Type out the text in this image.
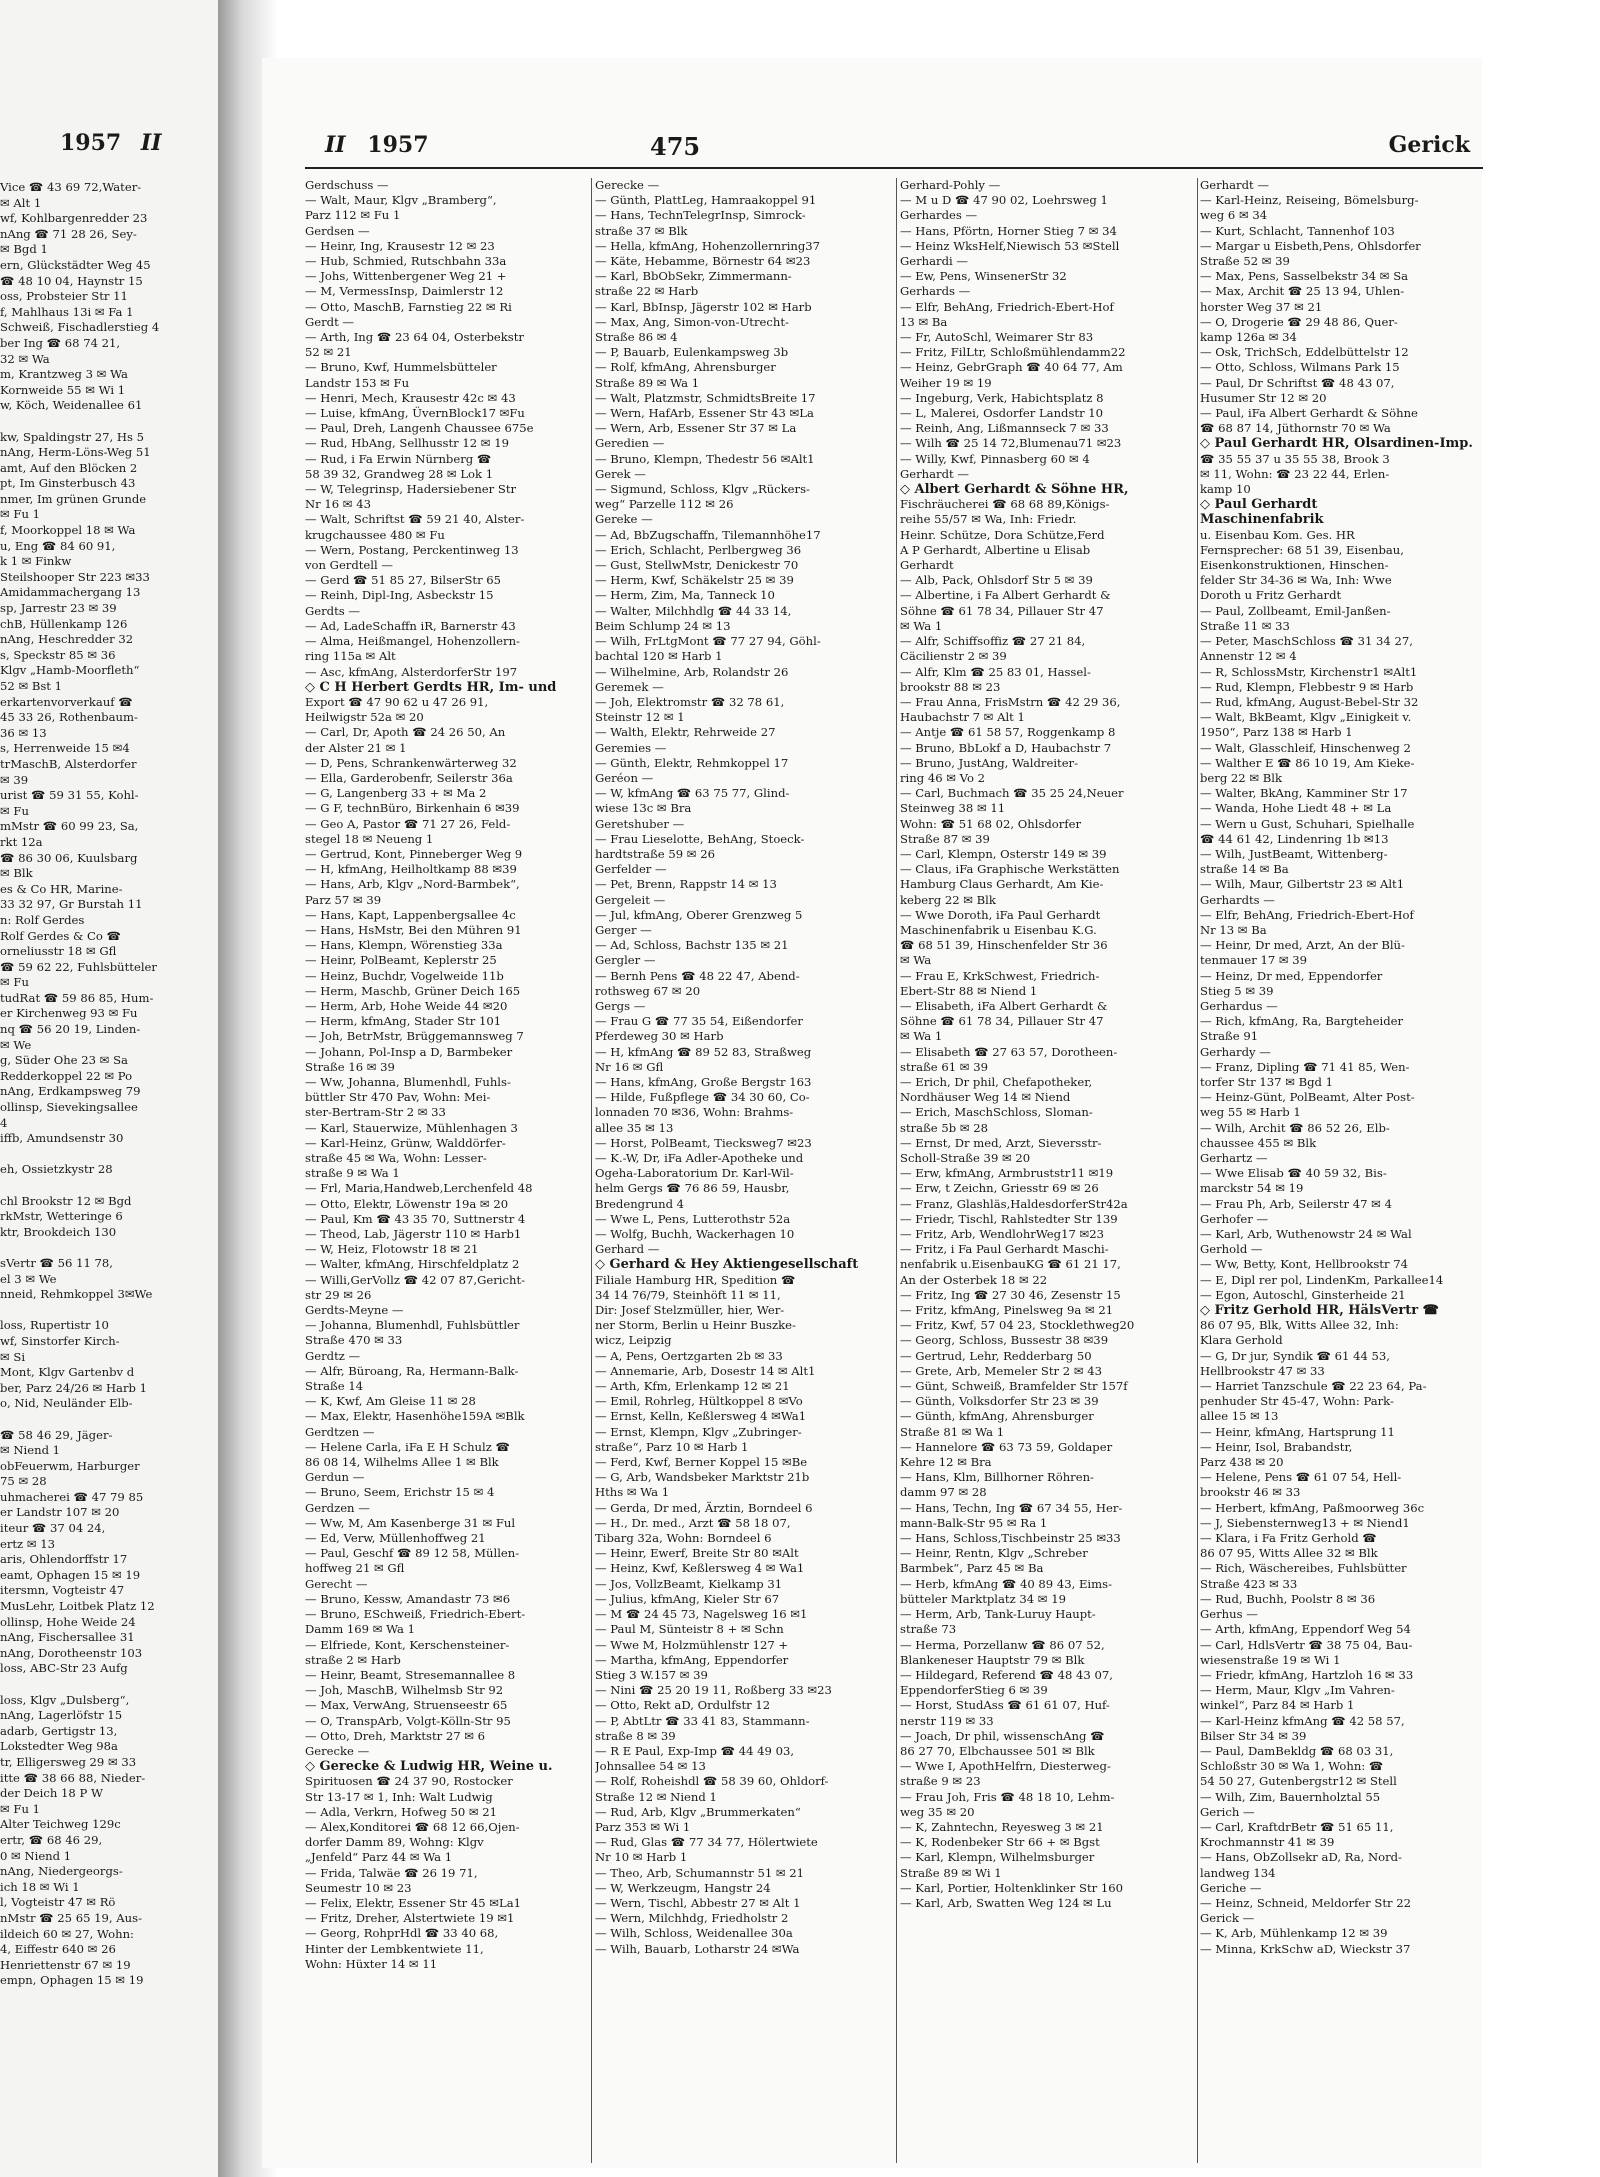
1957 II
Vice ☎ 43 69 72,Water-
✉ Alt 1
wf, Kohlbargenredder 23
nAng ☎ 71 28 26, Sey-
✉ Bgd 1
ern, Glückstädter Weg 45
☎ 48 10 04, Haynstr 15
oss, Probsteier Str 11
f, Mahlhaus 13i ✉ Fa 1
Schweiß, Fischadlerstieg 4
ber Ing ☎ 68 74 21,
32 ✉ Wa
m, Krantzweg 3 ✉ Wa
Kornweide 55 ✉ Wi 1
w, Köch, Weidenallee 61

kw, Spaldingstr 27, Hs 5
nAng, Herm-Löns-Weg 51
amt, Auf den Blöcken 2
pt, Im Ginsterbusch 43
nmer, Im grünen Grunde
✉ Fu 1
f, Moorkoppel 18 ✉ Wa
u, Eng ☎ 84 60 91,
k 1 ✉ Finkw
Steilshooper Str 223 ✉33
Amidammachergang 13
sp, Jarrestr 23 ✉ 39
chB, Hüllenkamp 126
nAng, Heschredder 32
s, Speckstr 85 ✉ 36
Klgv „Hamb-Moorfleth“
52 ✉ Bst 1
erkartenvorverkauf ☎
45 33 26, Rothenbaum-
36 ✉ 13
s, Herrenweide 15 ✉4
trMaschB, Alsterdorfer
✉ 39
urist ☎ 59 31 55, Kohl-
✉ Fu
mMstr ☎ 60 99 23, Sa,
rkt 12a
☎ 86 30 06, Kuulsbarg
✉ Blk
es & Co HR, Marine-
33 32 97, Gr Burstah 11
n: Rolf Gerdes
Rolf Gerdes & Co ☎
orneliusstr 18 ✉ Gfl
☎ 59 62 22, Fuhlsbütteler
✉ Fu
tudRat ☎ 59 86 85, Hum-
er Kirchenweg 93 ✉ Fu
nq ☎ 56 20 19, Linden-
✉ We
g, Süder Ohe 23 ✉ Sa
Redderkoppel 22 ✉ Po
nAng, Erdkampsweg 79
ollinsp, Sievekingsallee
4
iffb, Amundsenstr 30

eh, Ossietzkystr 28

chl Brookstr 12 ✉ Bgd
rkMstr, Wetteringe 6
ktr, Brookdeich 130

sVertr ☎ 56 11 78,
el 3 ✉ We
nneid, Rehmkoppel 3✉We

loss, Rupertistr 10
wf, Sinstorfer Kirch-
✉ Si
Mont, Klgv Gartenbv d
ber, Parz 24/26 ✉ Harb 1
o, Nid, Neuländer Elb-

☎ 58 46 29, Jäger-
✉ Niend 1
obFeuerwm, Harburger
75 ✉ 28
uhmacherei ☎ 47 79 85
er Landstr 107 ✉ 20
iteur ☎ 37 04 24,
ertz ✉ 13
aris, Ohlendorffstr 17
eamt, Ophagen 15 ✉ 19
itersmn, Vogteistr 47
MusLehr, Loitbek Platz 12
ollinsp, Hohe Weide 24
nAng, Fischersallee 31
nAng, Dorotheenstr 103
loss, ABC-Str 23 Aufg

loss, Klgv „Dulsberg“,
nAng, Lagerlöfstr 15
adarb, Gertigstr 13,
Lokstedter Weg 98a
tr, Elligersweg 29 ✉ 33
itte ☎ 38 66 88, Nieder-
der Deich 18 P W
✉ Fu 1
Alter Teichweg 129c
ertr, ☎ 68 46 29,
0 ✉ Niend 1
nAng, Niedergeorgs-
ich 18 ✉ Wi 1
l, Vogteistr 47 ✉ Rö
nMstr ☎ 25 65 19, Aus-
ildeich 60 ✉ 27, Wohn:
4, Eiffestr 640 ✉ 26
Henriettenstr 67 ✉ 19
empn, Ophagen 15 ✉ 19
II 1957	475	Gerick
Gerdschuss —
— Walt, Maur, Klgv „Bramberg“,
Parz 112 ✉ Fu 1
Gerdsen —
— Heinr, Ing, Krausestr 12 ✉ 23
— Hub, Schmied, Rutschbahn 33a
— Johs, Wittenbergener Weg 21 +
— M, VermessInsp, Daimlerstr 12
— Otto, MaschB, Farnstieg 22 ✉ Ri
Gerdt —
— Arth, Ing ☎ 23 64 04, Osterbekstr
52 ✉ 21
— Bruno, Kwf, Hummelsbütteler
Landstr 153 ✉ Fu
— Henri, Mech, Krausestr 42c ✉ 43
— Luise, kfmAng, ÜvernBlock17 ✉Fu
— Paul, Dreh, Langenh Chaussee 675e
— Rud, HbAng, Sellhusstr 12 ✉ 19
— Rud, i Fa Erwin Nürnberg ☎
58 39 32, Grandweg 28 ✉ Lok 1
— W, Telegrinsp, Hadersiebener Str
Nr 16 ✉ 43
— Walt, Schriftst ☎ 59 21 40, Alster-
krugchaussee 480 ✉ Fu
— Wern, Postang, Perckentinweg 13
von Gerdtell —
— Gerd ☎ 51 85 27, BilserStr 65
— Reinh, Dipl-Ing, Asbeckstr 15
Gerdts —
— Ad, LadeSchaffn iR, Barnerstr 43
— Alma, Heißmangel, Hohenzollern-
ring 115a ✉ Alt
— Asc, kfmAng, AlsterdorferStr 197
◇ C H Herbert Gerdts HR, Im- und
Export ☎ 47 90 62 u 47 26 91,
Heilwigstr 52a ✉ 20
— Carl, Dr, Apoth ☎ 24 26 50, An
der Alster 21 ✉ 1
— D, Pens, Schrankenwärterweg 32
— Ella, Garderobenfr, Seilerstr 36a
— G, Langenberg 33 + ✉ Ma 2
— G F, technBüro, Birkenhain 6 ✉39
— Geo A, Pastor ☎ 71 27 26, Feld-
stegel 18 ✉ Neueng 1
— Gertrud, Kont, Pinneberger Weg 9
— H, kfmAng, Heilholtkamp 88 ✉39
— Hans, Arb, Klgv „Nord-Barmbek“,
Parz 57 ✉ 39
— Hans, Kapt, Lappenbergsallee 4c
— Hans, HsMstr, Bei den Mühren 91
— Hans, Klempn, Wörenstieg 33a
— Heinr, PolBeamt, Keplerstr 25
— Heinz, Buchdr, Vogelweide 11b
— Herm, Maschb, Grüner Deich 165
— Herm, Arb, Hohe Weide 44 ✉20
— Herm, kfmAng, Stader Str 101
— Joh, BetrMstr, Brüggemannsweg 7
— Johann, Pol-Insp a D, Barmbeker
Straße 16 ✉ 39
— Ww, Johanna, Blumenhdl, Fuhls-
büttler Str 470 Pav, Wohn: Mei-
ster-Bertram-Str 2 ✉ 33
— Karl, Stauerwize, Mühlenhagen 3
— Karl-Heinz, Grünw, Walddörfer-
straße 45 ✉ Wa, Wohn: Lesser-
straße 9 ✉ Wa 1
— Frl, Maria,Handweb,Lerchenfeld 48
— Otto, Elektr, Löwenstr 19a ✉ 20
— Paul, Km ☎ 43 35 70, Suttnerstr 4
— Theod, Lab, Jägerstr 110 ✉ Harb1
— W, Heiz, Flotowstr 18 ✉ 21
— Walter, kfmAng, Hirschfeldplatz 2
— Willi,GerVollz ☎ 42 07 87,Gericht-
str 29 ✉ 26
Gerdts-Meyne —
— Johanna, Blumenhdl, Fuhlsbüttler
Straße 470 ✉ 33
Gerdtz —
— Alfr, Büroang, Ra, Hermann-Balk-
Straße 14
— K, Kwf, Am Gleise 11 ✉ 28
— Max, Elektr, Hasenhöhe159A ✉Blk
Gerdtzen —
— Helene Carla, iFa E H Schulz ☎
86 08 14, Wilhelms Allee 1 ✉ Blk
Gerdun —
— Bruno, Seem, Erichstr 15 ✉ 4
Gerdzen —
— Ww, M, Am Kasenberge 31 ✉ Ful
— Ed, Verw, Müllenhoffweg 21
— Paul, Geschf ☎ 89 12 58, Müllen-
hoffweg 21 ✉ Gfl
Gerecht —
— Bruno, Kessw, Amandastr 73 ✉6
— Bruno, ESchweiß, Friedrich-Ebert-
Damm 169 ✉ Wa 1
— Elfriede, Kont, Kerschensteiner-
straße 2 ✉ Harb
— Heinr, Beamt, Stresemannallee 8
— Joh, MaschB, Wilhelmsb Str 92
— Max, VerwAng, Struenseestr 65
— O, TranspArb, Volgt-Kölln-Str 95
— Otto, Dreh, Marktstr 27 ✉ 6
Gerecke —
◇ Gerecke & Ludwig HR, Weine u.
Spirituosen ☎ 24 37 90, Rostocker
Str 13-17 ✉ 1, Inh: Walt Ludwig
— Adla, Verkrn, Hofweg 50 ✉ 21
— Alex,Konditorei ☎ 68 12 66,Ojen-
dorfer Damm 89, Wohng: Klgv
„Jenfeld“ Parz 44 ✉ Wa 1
— Frida, Talwäe ☎ 26 19 71,
Seumestr 10 ✉ 23
— Felix, Elektr, Essener Str 45 ✉La1
— Fritz, Dreher, Alstertwiete 19 ✉1
— Georg, RohprHdl ☎ 33 40 68,
Hinter der Lembkentwiete 11,
Wohn: Hüxter 14 ✉ 11
Gerecke —
— Günth, PlattLeg, Hamraakoppel 91
— Hans, TechnTelegrInsp, Simrock-
straße 37 ✉ Blk
— Hella, kfmAng, Hohenzollernring37
— Käte, Hebamme, Börnestr 64 ✉23
— Karl, BbObSekr, Zimmermann-
straße 22 ✉ Harb
— Karl, BbInsp, Jägerstr 102 ✉ Harb
— Max, Ang, Simon-von-Utrecht-
Straße 86 ✉ 4
— P, Bauarb, Eulenkampsweg 3b
— Rolf, kfmAng, Ahrensburger
Straße 89 ✉ Wa 1
— Walt, Platzmstr, SchmidtsBreite 17
— Wern, HafArb, Essener Str 43 ✉La
— Wern, Arb, Essener Str 37 ✉ La
Geredien —
— Bruno, Klempn, Thedestr 56 ✉Alt1
Gerek —
— Sigmund, Schloss, Klgv „Rückers-
weg“ Parzelle 112 ✉ 26
Gereke —
— Ad, BbZugschaffn, Tilemannhöhe17
— Erich, Schlacht, Perlbergweg 36
— Gust, StellwMstr, Denickestr 70
— Herm, Kwf, Schäkelstr 25 ✉ 39
— Herm, Zim, Ma, Tanneck 10
— Walter, Milchhdlg ☎ 44 33 14,
Beim Schlump 24 ✉ 13
— Wilh, FrLtgMont ☎ 77 27 94, Göhl-
bachtal 120 ✉ Harb 1
— Wilhelmine, Arb, Rolandstr 26
Geremek —
— Joh, Elektromstr ☎ 32 78 61,
Steinstr 12 ✉ 1
— Walth, Elektr, Rehrweide 27
Geremies —
— Günth, Elektr, Rehmkoppel 17
Geréon —
— W, kfmAng ☎ 63 75 77, Glind-
wiese 13c ✉ Bra
Geretshuber —
— Frau Lieselotte, BehAng, Stoeck-
hardtstraße 59 ✉ 26
Gerfelder —
— Pet, Brenn, Rappstr 14 ✉ 13
Gergeleit —
— Jul, kfmAng, Oberer Grenzweg 5
Gerger —
— Ad, Schloss, Bachstr 135 ✉ 21
Gergler —
— Bernh Pens ☎ 48 22 47, Abend-
rothsweg 67 ✉ 20
Gergs —
— Frau G ☎ 77 35 54, Eißendorfer
Pferdeweg 30 ✉ Harb
— H, kfmAng ☎ 89 52 83, Straßweg
Nr 16 ✉ Gfl
— Hans, kfmAng, Große Bergstr 163
— Hilde, Fußpflege ☎ 34 30 60, Co-
lonnaden 70 ✉36, Wohn: Brahms-
allee 35 ✉ 13
— Horst, PolBeamt, Tiecksweg7 ✉23
— K.-W, Dr, iFa Adler-Apotheke und
Ogeha-Laboratorium Dr. Karl-Wil-
helm Gergs ☎ 76 86 59, Hausbr,
Bredengrund 4
— Wwe L, Pens, Lutterothstr 52a
— Wolfg, Buchh, Wackerhagen 10
Gerhard —
◇ Gerhard & Hey Aktiengesellschaft
Filiale Hamburg HR, Spedition ☎
34 14 76/79, Steinhöft 11 ✉ 11,
Dir: Josef Stelzmüller, hier, Wer-
ner Storm, Berlin u Heinr Buszke-
wicz, Leipzig
— A, Pens, Oertzgarten 2b ✉ 33
— Annemarie, Arb, Dosestr 14 ✉ Alt1
— Arth, Kfm, Erlenkamp 12 ✉ 21
— Emil, Rohrleg, Hültkoppel 8 ✉Vo
— Ernst, Kelln, Keßlersweg 4 ✉Wa1
— Ernst, Klempn, Klgv „Zubringer-
straße“, Parz 10 ✉ Harb 1
— Ferd, Kwf, Berner Koppel 15 ✉Be
— G, Arb, Wandsbeker Marktstr 21b
Hths ✉ Wa 1
— Gerda, Dr med, Ärztin, Borndeel 6
— H., Dr. med., Arzt ☎ 58 18 07,
Tibarg 32a, Wohn: Borndeel 6
— Heinr, Ewerf, Breite Str 80 ✉Alt
— Heinz, Kwf, Keßlersweg 4 ✉ Wa1
— Jos, VollzBeamt, Kielkamp 31
— Julius, kfmAng, Kieler Str 67
— M ☎ 24 45 73, Nagelsweg 16 ✉1
— Paul M, Sünteistr 8 + ✉ Schn
— Wwe M, Holzmühlenstr 127 +
— Martha, kfmAng, Eppendorfer
Stieg 3 W.157 ✉ 39
— Nini ☎ 25 20 19 11, Roßberg 33 ✉23
— Otto, Rekt aD, Ordulfstr 12
— P, AbtLtr ☎ 33 41 83, Stammann-
straße 8 ✉ 39
— R E Paul, Exp-Imp ☎ 44 49 03,
Johnsallee 54 ✉ 13
— Rolf, Roheishdl ☎ 58 39 60, Ohldorf-
Straße 12 ✉ Niend 1
— Rud, Arb, Klgv „Brummerkaten“
Parz 353 ✉ Wi 1
— Rud, Glas ☎ 77 34 77, Hölertwiete
Nr 10 ✉ Harb 1
— Theo, Arb, Schumannstr 51 ✉ 21
— W, Werkzeugm, Hangstr 24
— Wern, Tischl, Abbestr 27 ✉ Alt 1
— Wern, Milchhdg, Friedholstr 2
— Wilh, Schloss, Weidenallee 30a
— Wilh, Bauarb, Lotharstr 24 ✉Wa
Gerhard-Pohly —
— M u D ☎ 47 90 02, Loehrsweg 1
Gerhardes —
— Hans, Pförtn, Horner Stieg 7 ✉ 34
— Heinz WksHelf,Niewisch 53 ✉Stell
Gerhardi —
— Ew, Pens, WinsenerStr 32
Gerhards —
— Elfr, BehAng, Friedrich-Ebert-Hof
13 ✉ Ba
— Fr, AutoSchl, Weimarer Str 83
— Fritz, FilLtr, Schloßmühlendamm22
— Heinz, GebrGraph ☎ 40 64 77, Am
Weiher 19 ✉ 19
— Ingeburg, Verk, Habichtsplatz 8
— L, Malerei, Osdorfer Landstr 10
— Reinh, Ang, Lißmannseck 7 ✉ 33
— Wilh ☎ 25 14 72,Blumenau71 ✉23
— Willy, Kwf, Pinnasberg 60 ✉ 4
Gerhardt —
◇ Albert Gerhardt & Söhne HR,
Fischräucherei ☎ 68 68 89,Königs-
reihe 55/57 ✉ Wa, Inh: Friedr.
Heinr. Schütze, Dora Schütze,Ferd
A P Gerhardt, Albertine u Elisab
Gerhardt
— Alb, Pack, Ohlsdorf Str 5 ✉ 39
— Albertine, i Fa Albert Gerhardt &
Söhne ☎ 61 78 34, Pillauer Str 47
✉ Wa 1
— Alfr, Schiffsoffiz ☎ 27 21 84,
Cäcilienstr 2 ✉ 39
— Alfr, Klm ☎ 25 83 01, Hassel-
brookstr 88 ✉ 23
— Frau Anna, FrisMstrn ☎ 42 29 36,
Haubachstr 7 ✉ Alt 1
— Antje ☎ 61 58 57, Roggenkamp 8
— Bruno, BbLokf a D, Haubachstr 7
— Bruno, JustAng, Waldreiter-
ring 46 ✉ Vo 2
— Carl, Buchmach ☎ 35 25 24,Neuer
Steinweg 38 ✉ 11
Wohn: ☎ 51 68 02, Ohlsdorfer
Straße 87 ✉ 39
— Carl, Klempn, Osterstr 149 ✉ 39
— Claus, iFa Graphische Werkstätten
Hamburg Claus Gerhardt, Am Kie-
keberg 22 ✉ Blk
— Wwe Doroth, iFa Paul Gerhardt
Maschinenfabrik u Eisenbau K.G.
☎ 68 51 39, Hinschenfelder Str 36
✉ Wa
— Frau E, KrkSchwest, Friedrich-
Ebert-Str 88 ✉ Niend 1
— Elisabeth, iFa Albert Gerhardt &
Söhne ☎ 61 78 34, Pillauer Str 47
✉ Wa 1
— Elisabeth ☎ 27 63 57, Dorotheen-
straße 61 ✉ 39
— Erich, Dr phil, Chefapotheker,
Nordhäuser Weg 14 ✉ Niend
— Erich, MaschSchloss, Sloman-
straße 5b ✉ 28
— Ernst, Dr med, Arzt, Sieversstr-
Scholl-Straße 39 ✉ 20
— Erw, kfmAng, Armbruststr11 ✉19
— Erw, t Zeichn, Griesstr 69 ✉ 26
— Franz, Glashläs,HaldesdorferStr42a
— Friedr, Tischl, Rahlstedter Str 139
— Fritz, Arb, WendlohrWeg17 ✉23
— Fritz, i Fa Paul Gerhardt Maschi-
nenfabrik u.EisenbauKG ☎ 61 21 17,
An der Osterbek 18 ✉ 22
— Fritz, Ing ☎ 27 30 46, Zesenstr 15
— Fritz, kfmAng, Pinelsweg 9a ✉ 21
— Fritz, Kwf, 57 04 23, Stocklethweg20
— Georg, Schloss, Bussestr 38 ✉39
— Gertrud, Lehr, Redderbarg 50
— Grete, Arb, Memeler Str 2 ✉ 43
— Günt, Schweiß, Bramfelder Str 157f
— Günth, Volksdorfer Str 23 ✉ 39
— Günth, kfmAng, Ahrensburger
Straße 81 ✉ Wa 1
— Hannelore ☎ 63 73 59, Goldaper
Kehre 12 ✉ Bra
— Hans, Klm, Billhorner Röhren-
damm 97 ✉ 28
— Hans, Techn, Ing ☎ 67 34 55, Her-
mann-Balk-Str 95 ✉ Ra 1
— Hans, Schloss,Tischbeinstr 25 ✉33
— Heinr, Rentn, Klgv „Schreber
Barmbek“, Parz 45 ✉ Ba
— Herb, kfmAng ☎ 40 89 43, Eims-
bütteler Marktplatz 34 ✉ 19
— Herm, Arb, Tank-Luruy Haupt-
straße 73
— Herma, Porzellanw ☎ 86 07 52,
Blankeneser Hauptstr 79 ✉ Blk
— Hildegard, Referend ☎ 48 43 07,
EppendorferStieg 6 ✉ 39
— Horst, StudAss ☎ 61 61 07, Huf-
nerstr 119 ✉ 33
— Joach, Dr phil, wissenschAng ☎
86 27 70, Elbchaussee 501 ✉ Blk
— Wwe I, ApothHelfrn, Diesterweg-
straße 9 ✉ 23
— Frau Joh, Fris ☎ 48 18 10, Lehm-
weg 35 ✉ 20
— K, Zahntechn, Reyesweg 3 ✉ 21
— K, Rodenbeker Str 66 + ✉ Bgst
— Karl, Klempn, Wilhelmsburger
Straße 89 ✉ Wi 1
— Karl, Portier, Holtenklinker Str 160
— Karl, Arb, Swatten Weg 124 ✉ Lu
Gerhardt —
— Karl-Heinz, Reiseing, Bömelsburg-
weg 6 ✉ 34
— Kurt, Schlacht, Tannenhof 103
— Margar u Eisbeth,Pens, Ohlsdorfer
Straße 52 ✉ 39
— Max, Pens, Sasselbekstr 34 ✉ Sa
— Max, Archit ☎ 25 13 94, Uhlen-
horster Weg 37 ✉ 21
— O, Drogerie ☎ 29 48 86, Quer-
kamp 126a ✉ 34
— Osk, TrichSch, Eddelbüttelstr 12
— Otto, Schloss, Wilmans Park 15
— Paul, Dr Schriftst ☎ 48 43 07,
Husumer Str 12 ✉ 20
— Paul, iFa Albert Gerhardt & Söhne
☎ 68 87 14, Jüthornstr 70 ✉ Wa
◇ Paul Gerhardt HR, Olsardinen-Imp.
☎ 35 55 37 u 35 55 38, Brook 3
✉ 11, Wohn: ☎ 23 22 44, Erlen-
kamp 10
◇ Paul Gerhardt
Maschinenfabrik
u. Eisenbau Kom. Ges. HR
Fernsprecher: 68 51 39, Eisenbau,
Eisenkonstruktionen, Hinschen-
felder Str 34-36 ✉ Wa, Inh: Wwe
Doroth u Fritz Gerhardt
— Paul, Zollbeamt, Emil-Janßen-
Straße 11 ✉ 33
— Peter, MaschSchloss ☎ 31 34 27,
Annenstr 12 ✉ 4
— R, SchlossMstr, Kirchenstr1 ✉Alt1
— Rud, Klempn, Flebbestr 9 ✉ Harb
— Rud, kfmAng, August-Bebel-Str 32
— Walt, BkBeamt, Klgv „Einigkeit v.
1950“, Parz 138 ✉ Harb 1
— Walt, Glasschleif, Hinschenweg 2
— Walther E ☎ 86 10 19, Am Kieke-
berg 22 ✉ Blk
— Walter, BkAng, Kamminer Str 17
— Wanda, Hohe Liedt 48 + ✉ La
— Wern u Gust, Schuhari, Spielhalle
☎ 44 61 42, Lindenring 1b ✉13
— Wilh, JustBeamt, Wittenberg-
straße 14 ✉ Ba
— Wilh, Maur, Gilbertstr 23 ✉ Alt1
Gerhardts —
— Elfr, BehAng, Friedrich-Ebert-Hof
Nr 13 ✉ Ba
— Heinr, Dr med, Arzt, An der Blü-
tenmauer 17 ✉ 39
— Heinz, Dr med, Eppendorfer
Stieg 5 ✉ 39
Gerhardus —
— Rich, kfmAng, Ra, Bargteheider
Straße 91
Gerhardy —
— Franz, Dipling ☎ 71 41 85, Wen-
torfer Str 137 ✉ Bgd 1
— Heinz-Günt, PolBeamt, Alter Post-
weg 55 ✉ Harb 1
— Wilh, Archit ☎ 86 52 26, Elb-
chaussee 455 ✉ Blk
Gerhartz —
— Wwe Elisab ☎ 40 59 32, Bis-
marckstr 54 ✉ 19
— Frau Ph, Arb, Seilerstr 47 ✉ 4
Gerhofer —
— Karl, Arb, Wuthenowstr 24 ✉ Wal
Gerhold —
— Ww, Betty, Kont, Hellbrookstr 74
— E, Dipl rer pol, LindenKm, Parkallee14
— Egon, Autoschl, Ginsterheide 21
◇ Fritz Gerhold HR, HälsVertr ☎
86 07 95, Blk, Witts Allee 32, Inh:
Klara Gerhold
— G, Dr jur, Syndik ☎ 61 44 53,
Hellbrookstr 47 ✉ 33
— Harriet Tanzschule ☎ 22 23 64, Pa-
penhuder Str 45-47, Wohn: Park-
allee 15 ✉ 13
— Heinr, kfmAng, Hartsprung 11
— Heinr, Isol, Brabandstr,
Parz 438 ✉ 20
— Helene, Pens ☎ 61 07 54, Hell-
brookstr 46 ✉ 33
— Herbert, kfmAng, Paßmoorweg 36c
— J, Siebensternweg13 + ✉ Niend1
— Klara, i Fa Fritz Gerhold ☎
86 07 95, Witts Allee 32 ✉ Blk
— Rich, Wäschereibes, Fuhlsbütter
Straße 423 ✉ 33
— Rud, Buchh, Poolstr 8 ✉ 36
Gerhus —
— Arth, kfmAng, Eppendorf Weg 54
— Carl, HdlsVertr ☎ 38 75 04, Bau-
wiesenstraße 19 ✉ Wi 1
— Friedr, kfmAng, Hartzloh 16 ✉ 33
— Herm, Maur, Klgv „Im Vahren-
winkel“, Parz 84 ✉ Harb 1
— Karl-Heinz kfmAng ☎ 42 58 57,
Bilser Str 34 ✉ 39
— Paul, DamBekldg ☎ 68 03 31,
Schloßstr 30 ✉ Wa 1, Wohn: ☎
54 50 27, Gutenbergstr12 ✉ Stell
— Wilh, Zim, Bauernholztal 55
Gerich —
— Carl, KraftdrBetr ☎ 51 65 11,
Krochmannstr 41 ✉ 39
— Hans, ObZollsekr aD, Ra, Nord-
landweg 134
Geriche —
— Heinz, Schneid, Meldorfer Str 22
Gerick —
— K, Arb, Mühlenkamp 12 ✉ 39
— Minna, KrkSchw aD, Wieckstr 37
